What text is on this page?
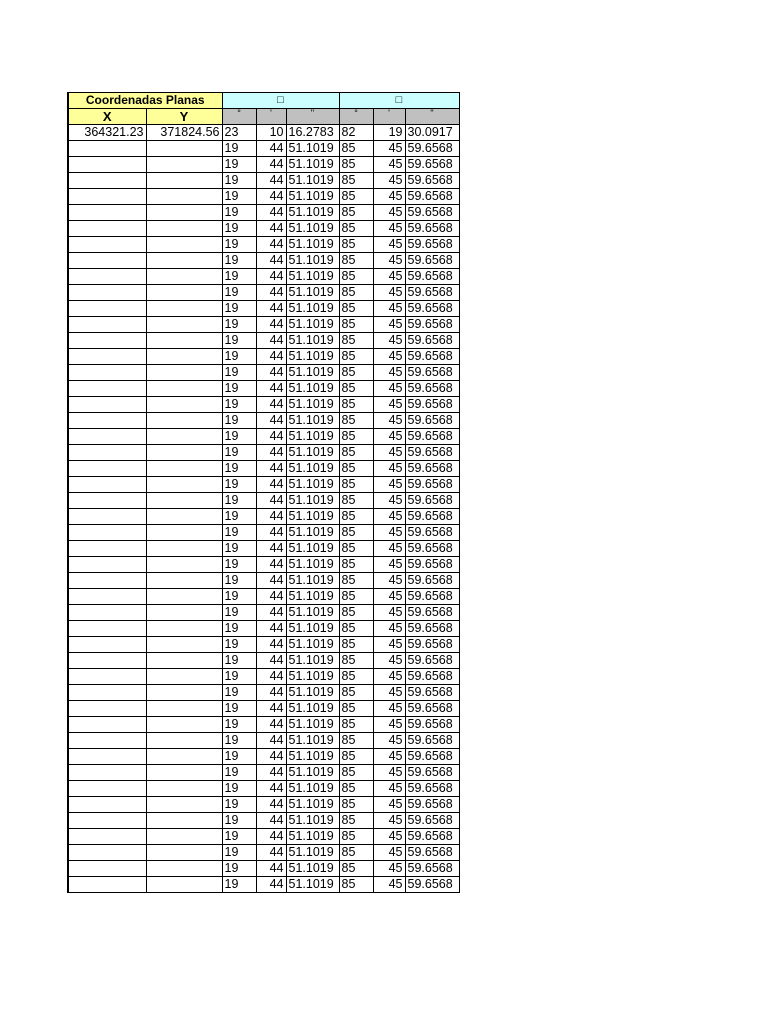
Coordenadas Planas		□			□		
X	Y	°	'	"	°	'	"
364321.23	371824.56	23	10	16.2783	82	19	30.0917
		19	44	51.1019	85	45	59.6568
		19	44	51.1019	85	45	59.6568
		19	44	51.1019	85	45	59.6568
		19	44	51.1019	85	45	59.6568
		19	44	51.1019	85	45	59.6568
		19	44	51.1019	85	45	59.6568
		19	44	51.1019	85	45	59.6568
		19	44	51.1019	85	45	59.6568
		19	44	51.1019	85	45	59.6568
		19	44	51.1019	85	45	59.6568
		19	44	51.1019	85	45	59.6568
		19	44	51.1019	85	45	59.6568
		19	44	51.1019	85	45	59.6568
		19	44	51.1019	85	45	59.6568
		19	44	51.1019	85	45	59.6568
		19	44	51.1019	85	45	59.6568
		19	44	51.1019	85	45	59.6568
		19	44	51.1019	85	45	59.6568
		19	44	51.1019	85	45	59.6568
		19	44	51.1019	85	45	59.6568
		19	44	51.1019	85	45	59.6568
		19	44	51.1019	85	45	59.6568
		19	44	51.1019	85	45	59.6568
		19	44	51.1019	85	45	59.6568
		19	44	51.1019	85	45	59.6568
		19	44	51.1019	85	45	59.6568
		19	44	51.1019	85	45	59.6568
		19	44	51.1019	85	45	59.6568
		19	44	51.1019	85	45	59.6568
		19	44	51.1019	85	45	59.6568
		19	44	51.1019	85	45	59.6568
		19	44	51.1019	85	45	59.6568
		19	44	51.1019	85	45	59.6568
		19	44	51.1019	85	45	59.6568
		19	44	51.1019	85	45	59.6568
		19	44	51.1019	85	45	59.6568
		19	44	51.1019	85	45	59.6568
		19	44	51.1019	85	45	59.6568
		19	44	51.1019	85	45	59.6568
		19	44	51.1019	85	45	59.6568
		19	44	51.1019	85	45	59.6568
		19	44	51.1019	85	45	59.6568
		19	44	51.1019	85	45	59.6568
		19	44	51.1019	85	45	59.6568
		19	44	51.1019	85	45	59.6568
		19	44	51.1019	85	45	59.6568
		19	44	51.1019	85	45	59.6568
